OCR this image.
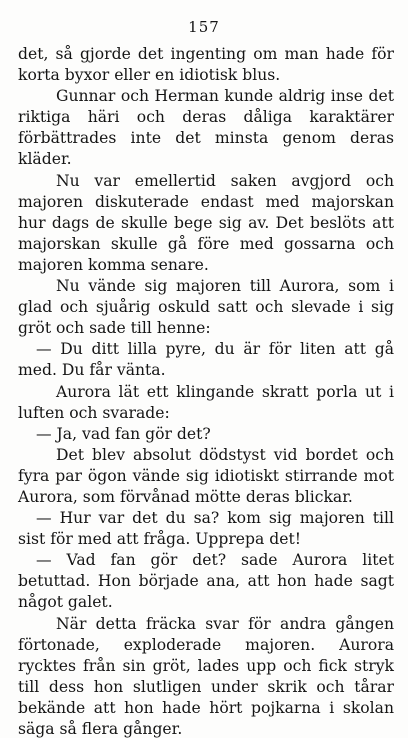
157

det, så gjorde det ingenting om man hade för korta byxor eller en idiotisk blus.

Gunnar och Herman kunde aldrig inse det riktiga häri och deras dåliga karaktärer förbättrades inte det minsta genom deras kläder.

Nu var emellertid saken avgjord och majoren diskuterade endast med majorskan hur dags de skulle bege sig av. Det beslöts att majorskan skulle gå före med gossarna och majoren komma senare.

Nu vände sig majoren till Aurora, som i glad och sjuårig oskuld satt och slevade i sig gröt och sade till henne:

— Du ditt lilla pyre, du är för liten att gå med. Du får vänta.

Aurora lät ett klingande skratt porla ut i luften och svarade:

— Ja, vad fan gör det?

Det blev absolut dödstyst vid bordet och fyra par ögon vände sig idiotiskt stirrande mot Aurora, som förvånad mötte deras blickar.

— Hur var det du sa? kom sig majoren till sist för med att fråga. Upprepa det!

— Vad fan gör det? sade Aurora litet betuttad. Hon började ana, att hon hade sagt något galet.

När detta fräcka svar för andra gången förtonade, exploderade majoren. Aurora rycktes från sin gröt, lades upp och fick stryk till dess hon slutligen under skrik och tårar bekände att hon hade hört pojkarna i skolan säga så flera gånger.
